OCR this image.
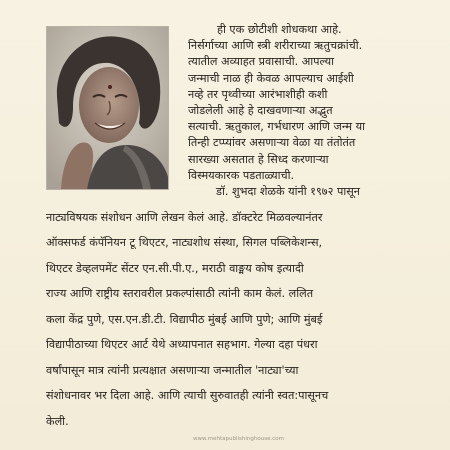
ही एक छोटीशी शोधकथा आहे.
निर्सर्गाच्या आणि स्त्री शरीराच्या ऋतुचक्रांची.
त्यातील अव्याहत प्रवासाची. आपल्या
जन्माची नाळ ही केवळ आपल्याच आईशी
नव्हे तर पृथ्वीच्या आरंभाशीही कशी
जोडलेली आहे हे दाखवणाऱ्या अद्भुत
सत्याची. ऋतुकाल, गर्भधारण आणि जन्म या
तिन्ही टप्प्यांवर असणाऱ्या वेळा या तंतोतंत
सारख्या असतात हे सिध्द करणाऱ्या
विस्मयकारक पडताळ्याची.
डॉ. शुभदा शेळके यांनी १९७२ पासून
नाट्यविषयक संशोधन आणि लेखन केलं आहे. डॉक्टरेट मिळवल्यानंतर
ऑक्सफर्ड कंपॅनियन टू थिएटर, नाट्यशोध संस्था, सिगल पब्लिकेशन्स,
थिएटर डेव्हलपमेंट सेंटर एन.सी.पी.ए., मराठी वाङ्मय कोष इत्यादी
राज्य आणि राष्ट्रीय स्तरावरील प्रकल्पांसाठी त्यांनी काम केलं. ललित
कला केंद्र पुणे, एस.एन.डी.टी. विद्यापीठ मुंबई आणि पुणे; आणि मुंबई
विद्यापीठाच्या थिएटर आर्ट येथे अध्यापनात सहभाग. गेल्या दहा पंधरा
वर्षांपासून मात्र त्यांनी प्रत्यक्षात असणाऱ्या जन्मातील 'नाट्या'च्या
संशोधनावर भर दिला आहे. आणि त्याची सुरुवातही त्यांनी स्वत:पासूनच
केली.
www.mehtapublishinghouse.com
